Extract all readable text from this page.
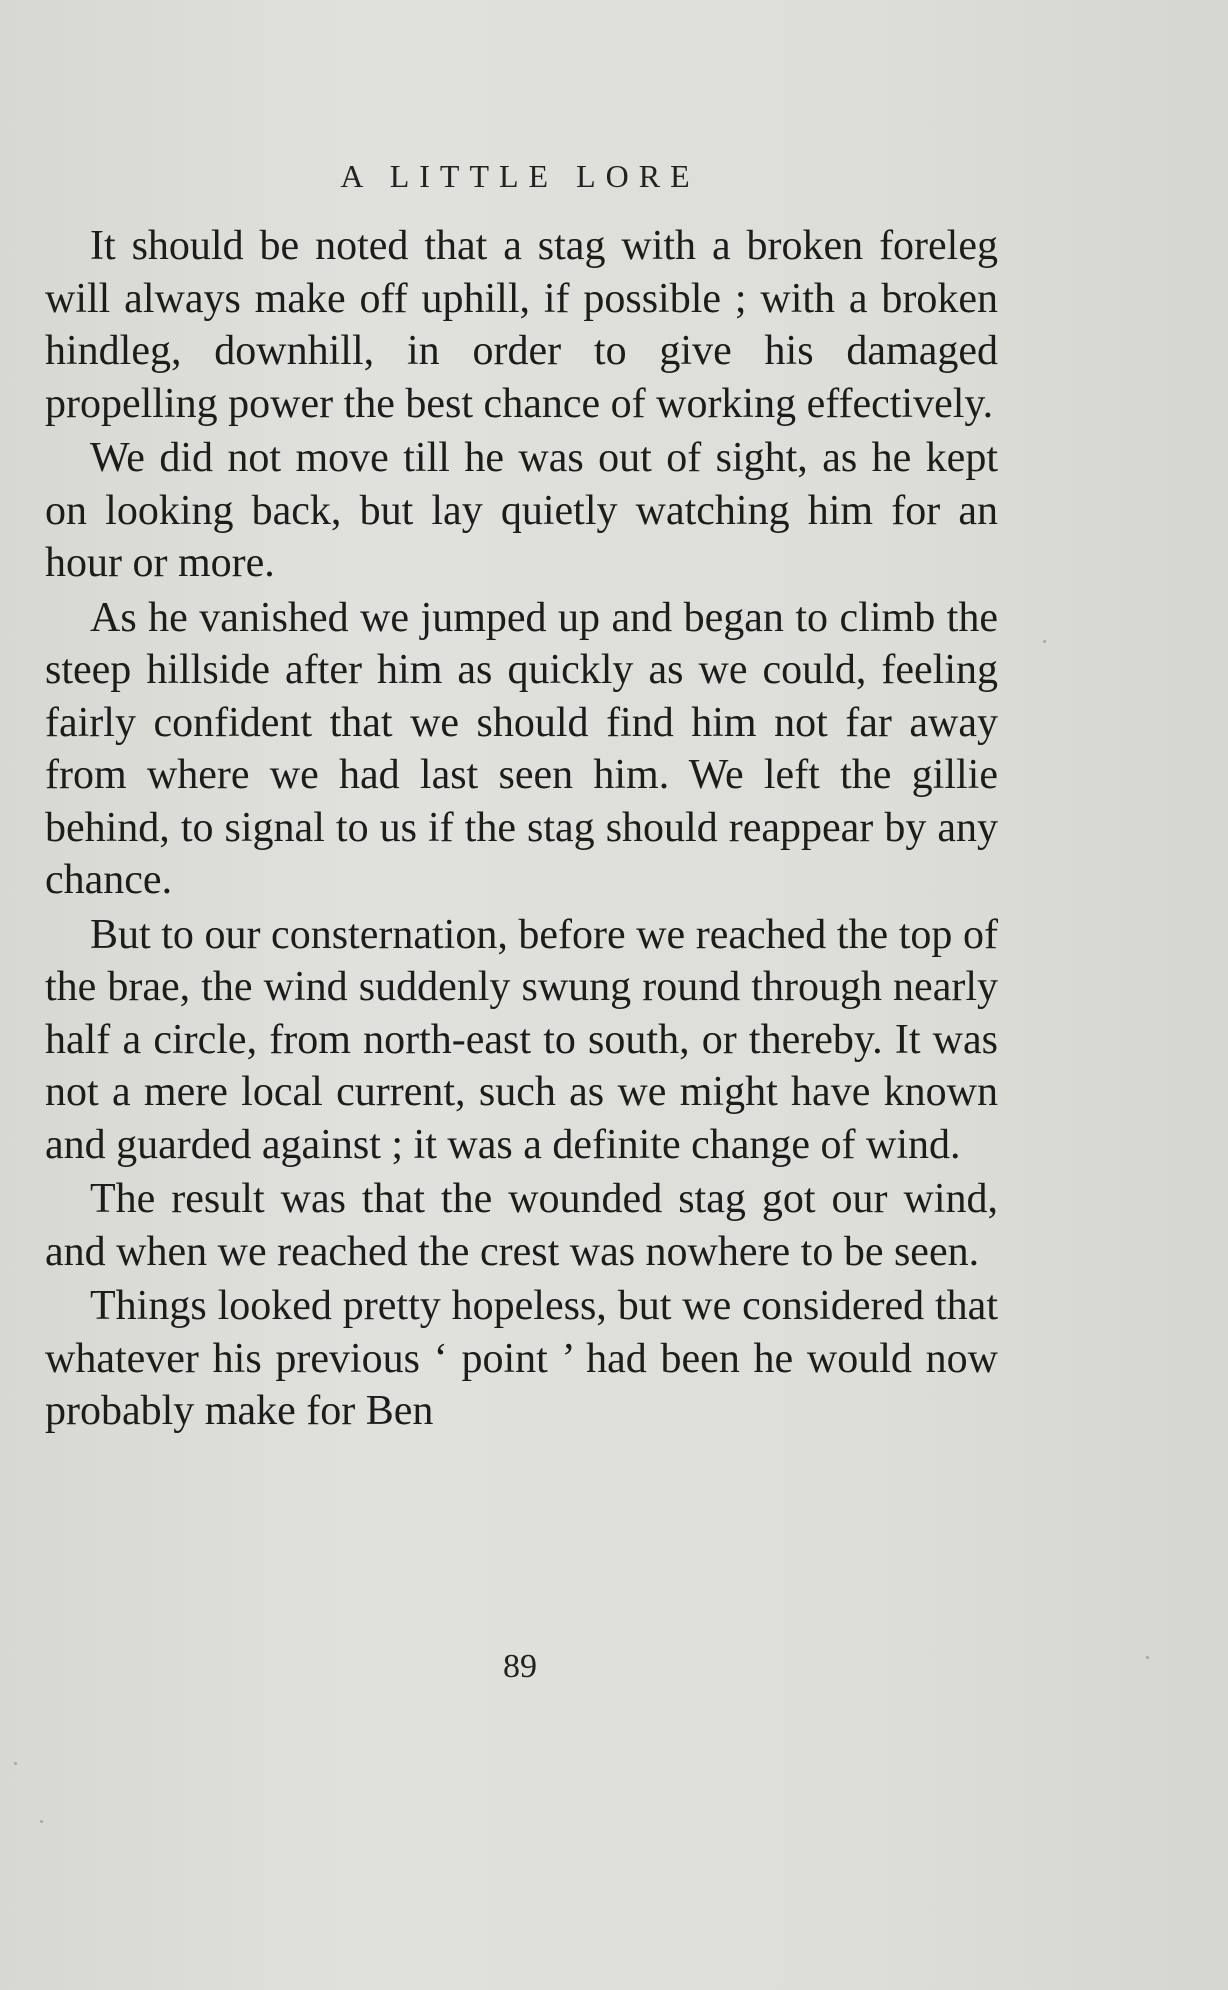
A LITTLE LORE

It should be noted that a stag with a broken foreleg will always make off uphill, if possible ; with a broken hindleg, downhill, in order to give his damaged propelling power the best chance of working effectively.

We did not move till he was out of sight, as he kept on looking back, but lay quietly watching him for an hour or more.

As he vanished we jumped up and began to climb the steep hillside after him as quickly as we could, feeling fairly confident that we should find him not far away from where we had last seen him. We left the gillie behind, to signal to us if the stag should reappear by any chance.

But to our consternation, before we reached the top of the brae, the wind suddenly swung round through nearly half a circle, from north-east to south, or thereby. It was not a mere local current, such as we might have known and guarded against ; it was a definite change of wind.

The result was that the wounded stag got our wind, and when we reached the crest was nowhere to be seen.

Things looked pretty hopeless, but we considered that whatever his previous ‘ point ’ had been he would now probably make for Ben

89
